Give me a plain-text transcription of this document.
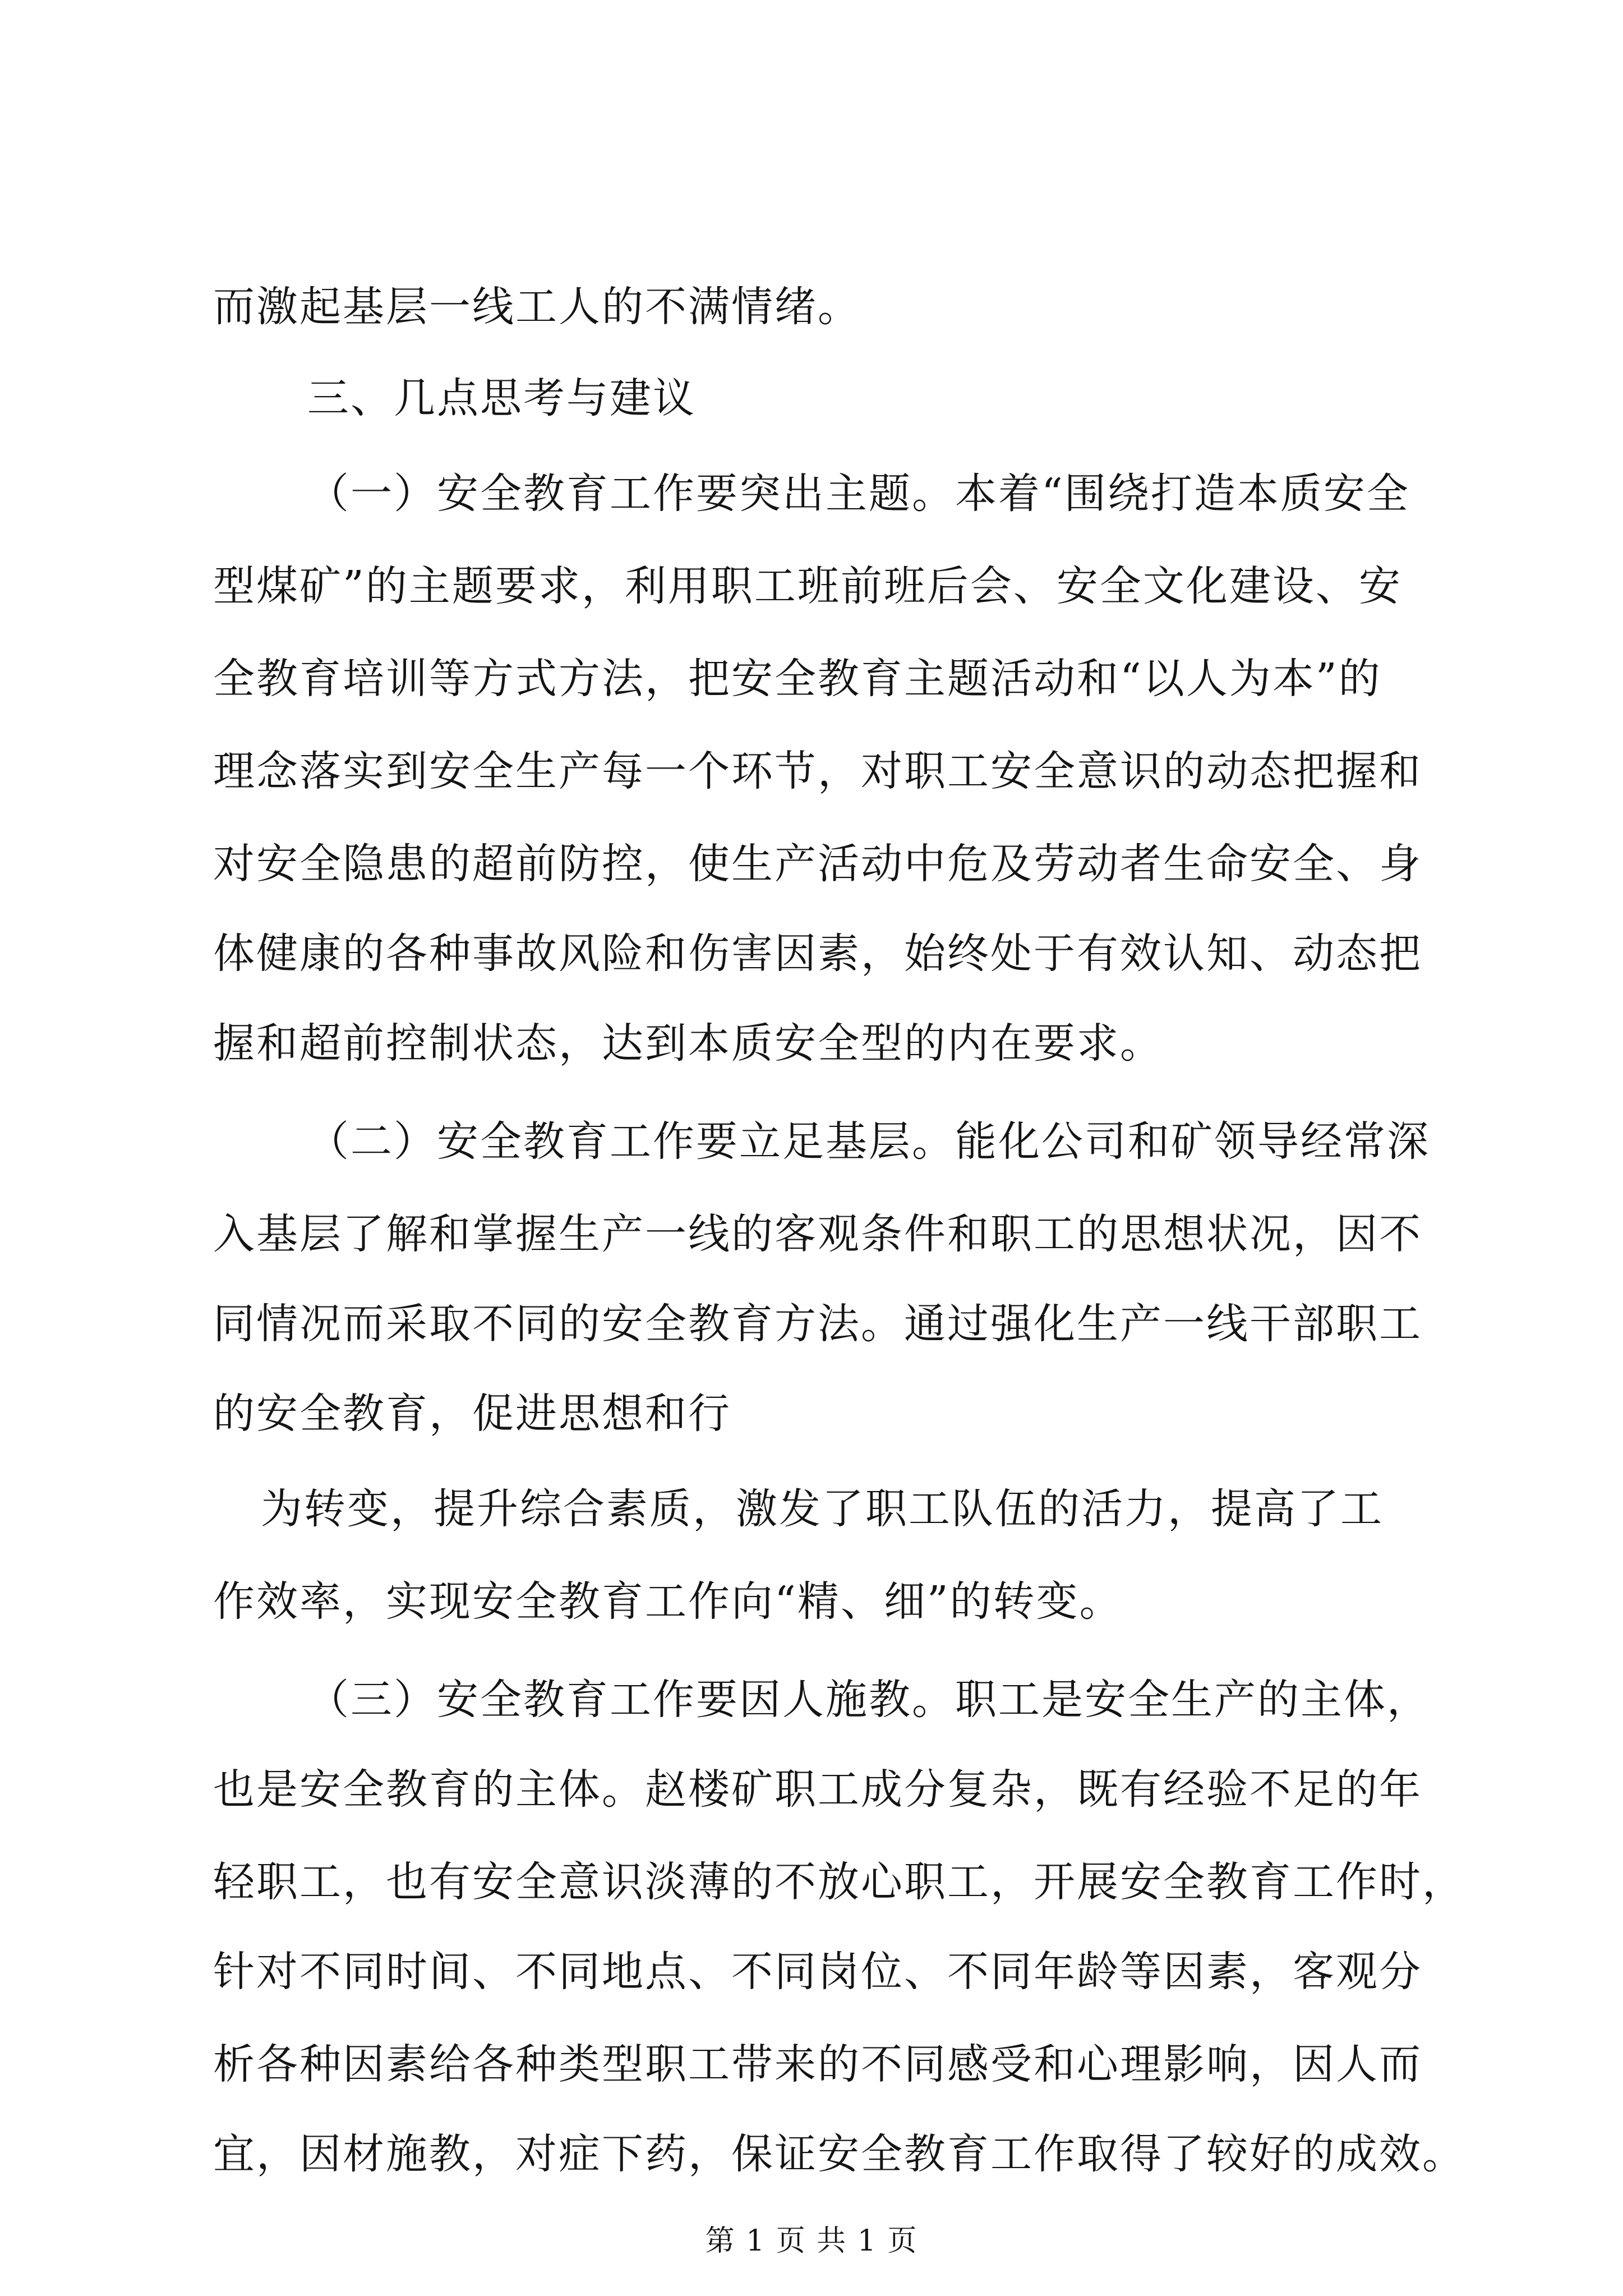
而激起基层一线工人的不满情绪。
三、几点思考与建议
（一）安全教育工作要突出主题。本着“围绕打造本质安全
型煤矿”的主题要求，利用职工班前班后会、安全文化建设、安
全教育培训等方式方法，把安全教育主题活动和“以人为本”的
理念落实到安全生产每一个环节，对职工安全意识的动态把握和
对安全隐患的超前防控，使生产活动中危及劳动者生命安全、身
体健康的各种事故风险和伤害因素，始终处于有效认知、动态把
握和超前控制状态，达到本质安全型的内在要求。
（二）安全教育工作要立足基层。能化公司和矿领导经常深
入基层了解和掌握生产一线的客观条件和职工的思想状况，因不
同情况而采取不同的安全教育方法。通过强化生产一线干部职工
的安全教育，促进思想和行
为转变，提升综合素质，激发了职工队伍的活力，提高了工
作效率，实现安全教育工作向“精、细”的转变。
（三）安全教育工作要因人施教。职工是安全生产的主体，
也是安全教育的主体。赵楼矿职工成分复杂，既有经验不足的年
轻职工，也有安全意识淡薄的不放心职工，开展安全教育工作时，
针对不同时间、不同地点、不同岗位、不同年龄等因素，客观分
析各种因素给各种类型职工带来的不同感受和心理影响，因人而
宜，因材施教，对症下药，保证安全教育工作取得了较好的成效。
第 1 页 共 1 页
